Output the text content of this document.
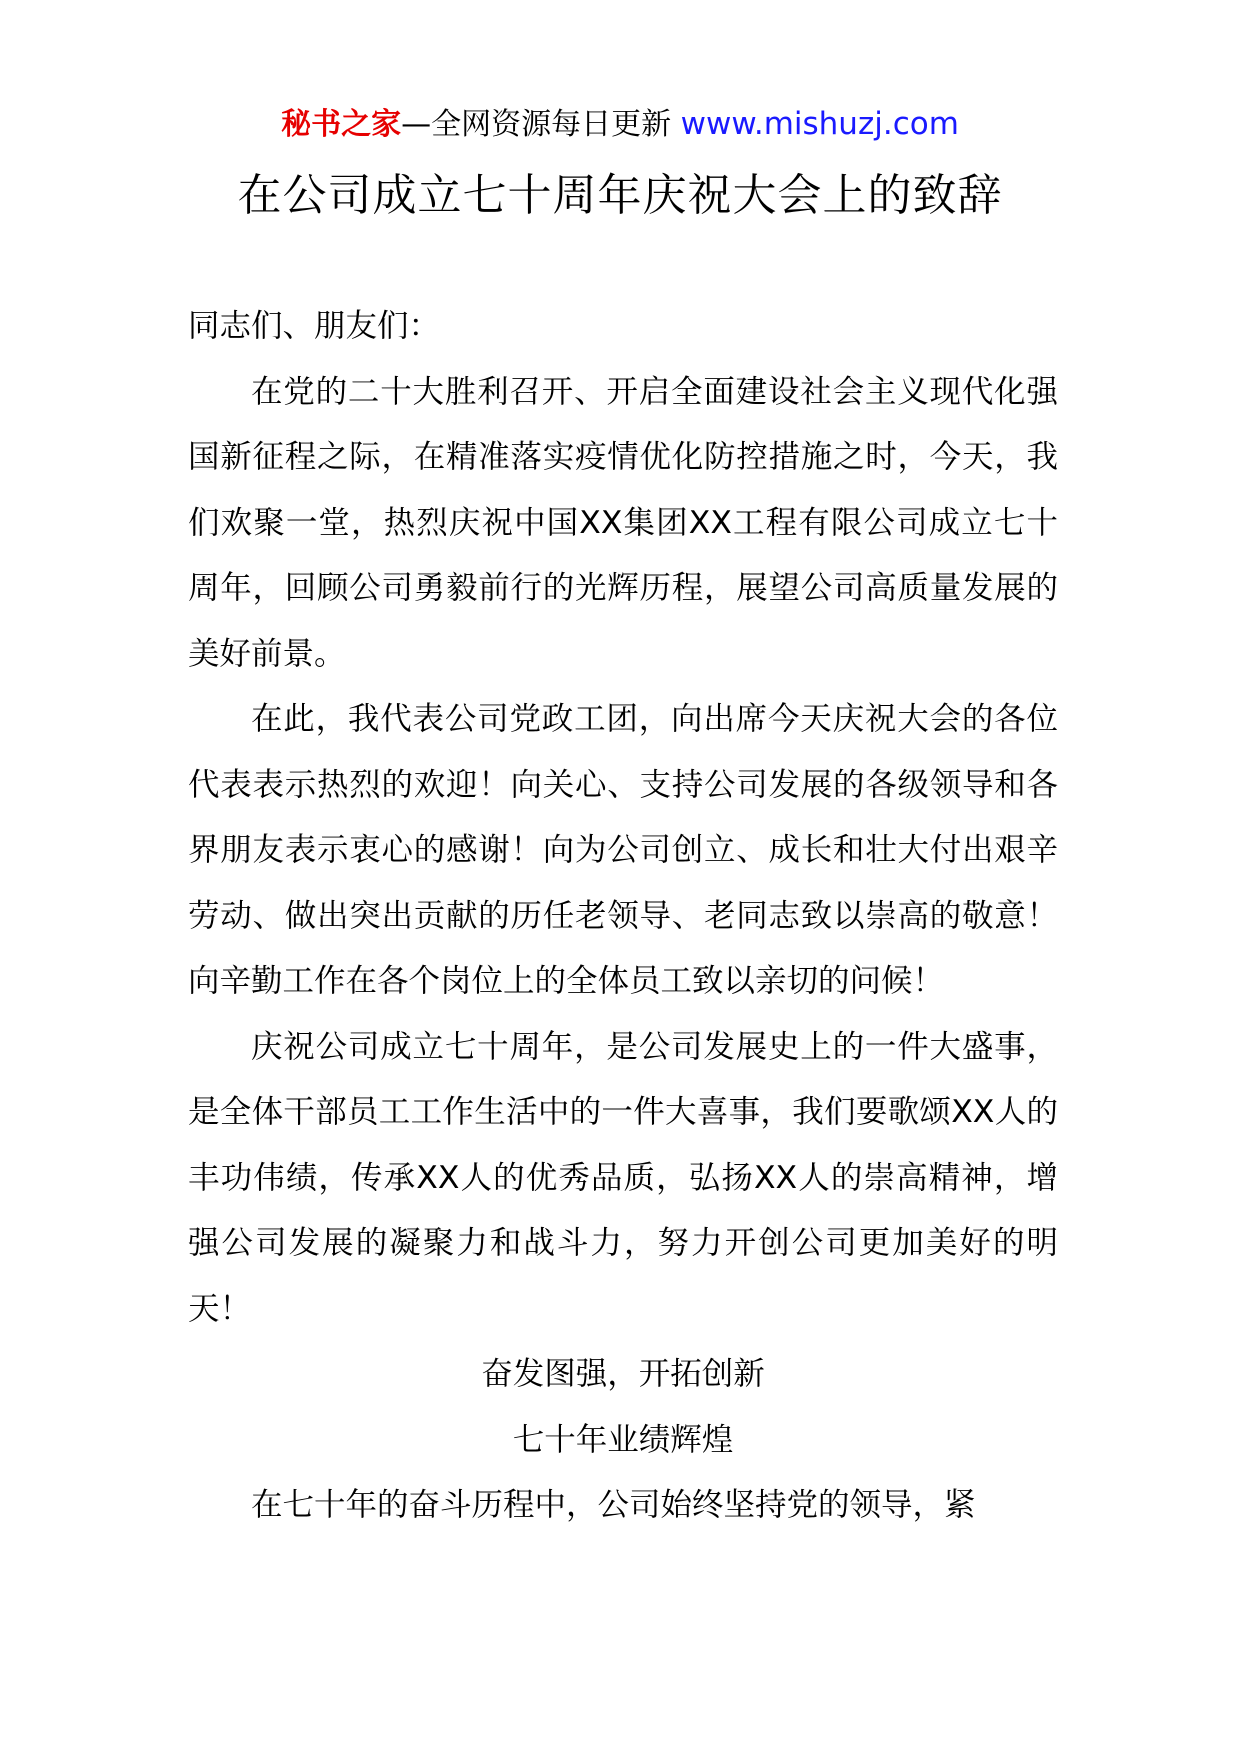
秘书之家—全网资源每日更新 www.mishuzj.com
在公司成立七十周年庆祝大会上的致辞

同志们、朋友们：

在党的二十大胜利召开、开启全面建设社会主义现代化强国新征程之际，在精准落实疫情优化防控措施之时，今天，我们欢聚一堂，热烈庆祝中国XX集团XX工程有限公司成立七十周年，回顾公司勇毅前行的光辉历程，展望公司高质量发展的美好前景。

在此，我代表公司党政工团，向出席今天庆祝大会的各位代表表示热烈的欢迎！向关心、支持公司发展的各级领导和各界朋友表示衷心的感谢！向为公司创立、成长和壮大付出艰辛劳动、做出突出贡献的历任老领导、老同志致以崇高的敬意！向辛勤工作在各个岗位上的全体员工致以亲切的问候！

庆祝公司成立七十周年，是公司发展史上的一件大盛事，是全体干部员工工作生活中的一件大喜事，我们要歌颂XX人的丰功伟绩，传承XX人的优秀品质，弘扬XX人的崇高精神，增强公司发展的凝聚力和战斗力，努力开创公司更加美好的明天！

奋发图强，开拓创新

七十年业绩辉煌

在七十年的奋斗历程中，公司始终坚持党的领导，紧
